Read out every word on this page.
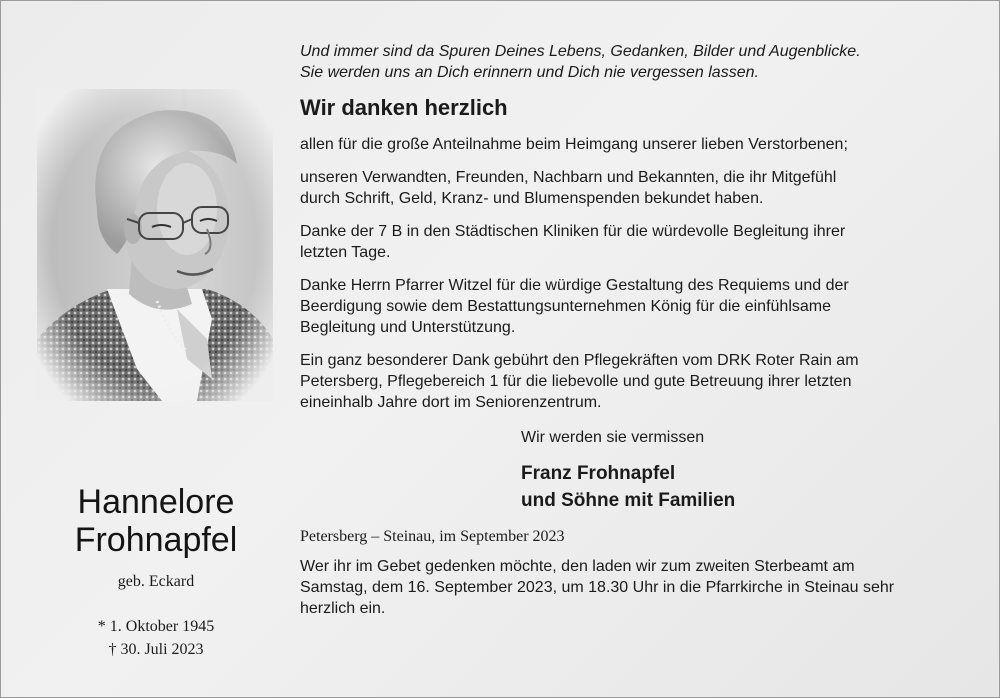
Hannelore
Frohnapfel
geb. Eckard
* 1. Oktober 1945
† 30. Juli 2023
Und immer sind da Spuren Deines Lebens, Gedanken, Bilder und Augenblicke.
Sie werden uns an Dich erinnern und Dich nie vergessen lassen.
Wir danken herzlich
allen für die große Anteilnahme beim Heimgang unserer lieben Verstorbenen;
unseren Verwandten, Freunden, Nachbarn und Bekannten, die ihr Mitgefühl
durch Schrift, Geld, Kranz- und Blumenspenden bekundet haben.
Danke der 7 B in den Städtischen Kliniken für die würdevolle Begleitung ihrer
letzten Tage.
Danke Herrn Pfarrer Witzel für die würdige Gestaltung des Requiems und der
Beerdigung sowie dem Bestattungsunternehmen König für die einfühlsame
Begleitung und Unterstützung.
Ein ganz besonderer Dank gebührt den Pflegekräften vom DRK Roter Rain am
Petersberg, Pflegebereich 1 für die liebevolle und gute Betreuung ihrer letzten
eineinhalb Jahre dort im Seniorenzentrum.
Wir werden sie vermissen
Franz Frohnapfel
und Söhne mit Familien
Petersberg – Steinau, im September 2023
Wer ihr im Gebet gedenken möchte, den laden wir zum zweiten Sterbeamt am
Samstag, dem 16. September 2023, um 18.30 Uhr in die Pfarrkirche in Steinau sehr
herzlich ein.
